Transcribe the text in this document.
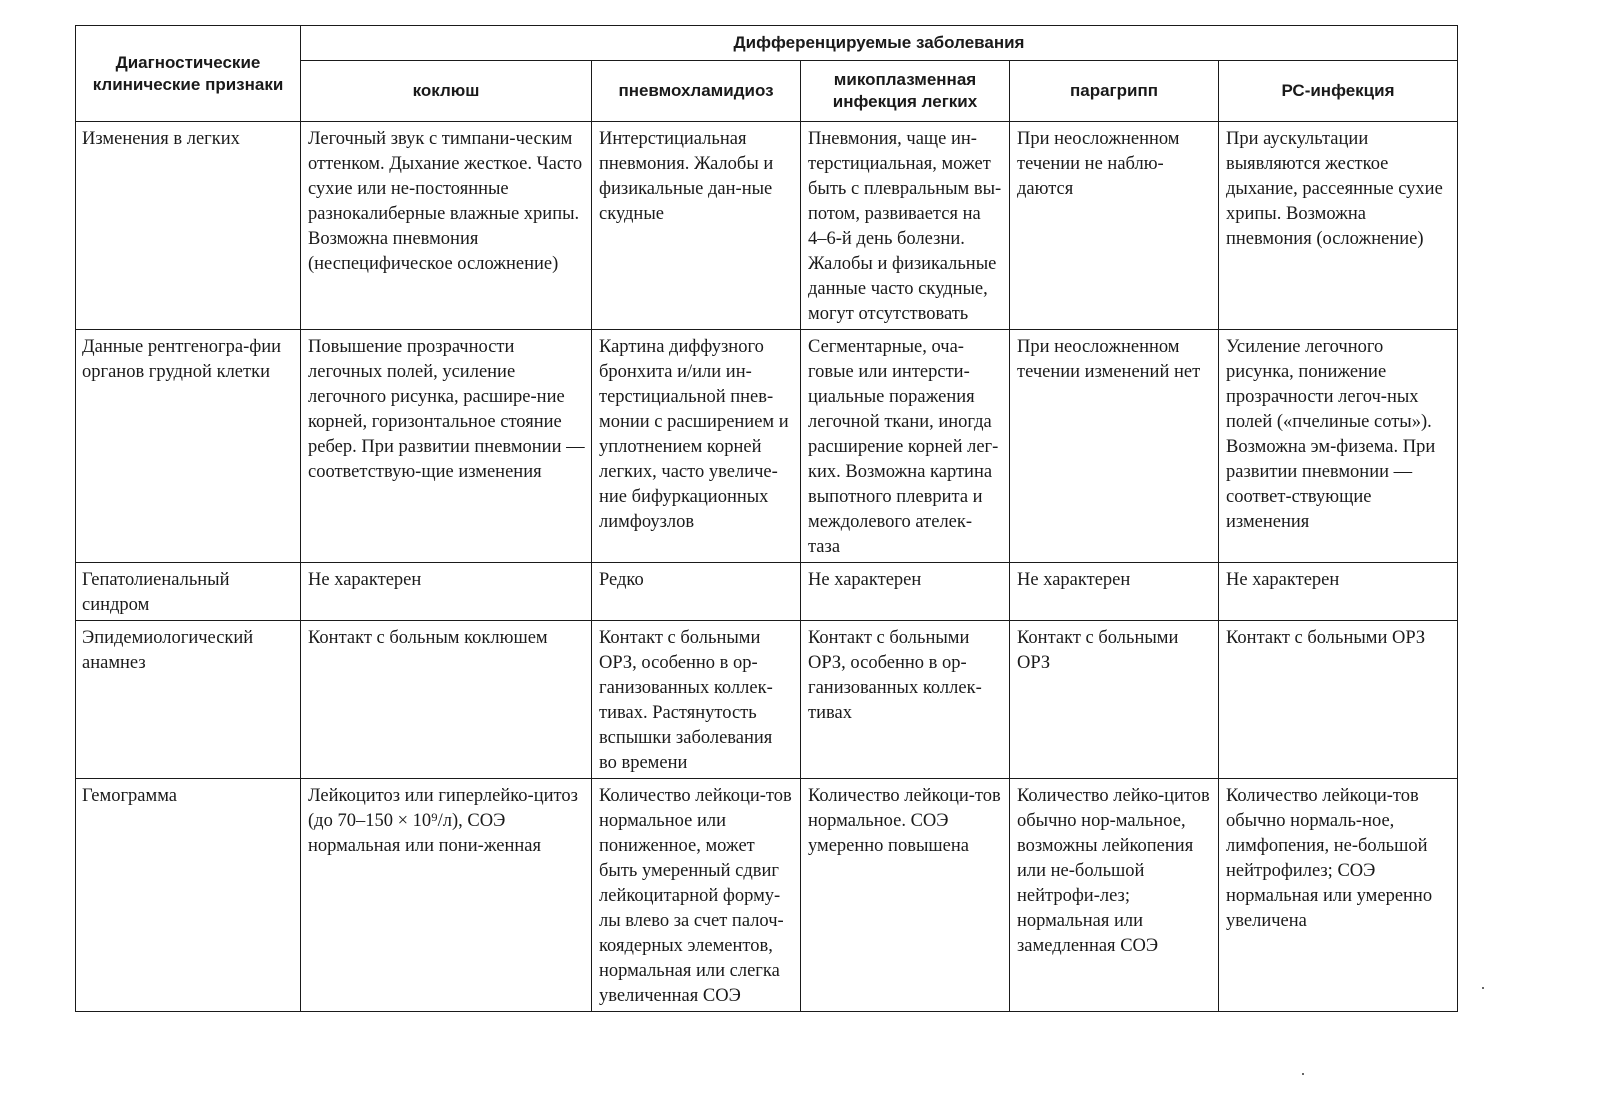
Диагностические клинические признаки	Дифференцируемые заболевания				
	коклюш	пневмохламидиоз	микоплазменная инфекция легких	парагрипп	РС-инфекция
Изменения в легких	Легочный звук с тимпани-ческим оттенком. Дыхание жесткое. Часто сухие или не-постоянные разнокалиберные влажные хрипы. Возможна пневмония (неспецифическое осложнение)	Интерстициальная пневмония. Жалобы и физикальные дан-ные скудные	Пневмония, чаще ин-терстициальная, может быть с плевральным вы-потом, развивается на 4–6-й день болезни. Жалобы и физикальные данные часто скудные, могут отсутствовать	При неосложненном течении не наблю-даются	При аускультации выявляются жесткое дыхание, рассеянные сухие хрипы. Возможна пневмония (осложнение)
Данные рентгеногра-фии органов грудной клетки	Повышение прозрачности легочных полей, усиление легочного рисунка, расшире-ние корней, горизонтальное стояние ребер. При развитии пневмонии — соответствую-щие изменения	Картина диффузного бронхита и/или ин-терстициальной пнев-монии с расширением и уплотнением корней легких, часто увеличе-ние бифуркационных лимфоузлов	Сегментарные, оча-говые или интерсти-циальные поражения легочной ткани, иногда расширение корней лег-ких. Возможна картина выпотного плеврита и междолевого ателек-таза	При неосложненном течении изменений нет	Усиление легочного рисунка, понижение прозрачности легоч-ных полей («пчелиные соты»). Возможна эм-физема. При развитии пневмонии — соответ-ствующие изменения
Гепатолиенальный синдром	Не характерен	Редко	Не характерен	Не характерен	Не характерен
Эпидемиологический анамнез	Контакт с больным коклюшем	Контакт с больными ОРЗ, особенно в ор-ганизованных коллек-тивах. Растянутость вспышки заболевания во времени	Контакт с больными ОРЗ, особенно в ор-ганизованных коллек-тивах	Контакт с больными ОРЗ	Контакт с больными ОРЗ
Гемограмма	Лейкоцитоз или гиперлейко-цитоз (до 70–150 × 10⁹/л), СОЭ нормальная или пони-женная	Количество лейкоци-тов нормальное или пониженное, может быть умеренный сдвиг лейкоцитарной форму-лы влево за счет палоч-коядерных элементов, нормальная или слегка увеличенная СОЭ	Количество лейкоци-тов нормальное. СОЭ умеренно повышена	Количество лейко-цитов обычно нор-мальное, возможны лейкопения или не-большой нейтрофи-лез; нормальная или замедленная СОЭ	Количество лейкоци-тов обычно нормаль-ное, лимфопения, не-большой нейтрофилез; СОЭ нормальная или умеренно увеличена
